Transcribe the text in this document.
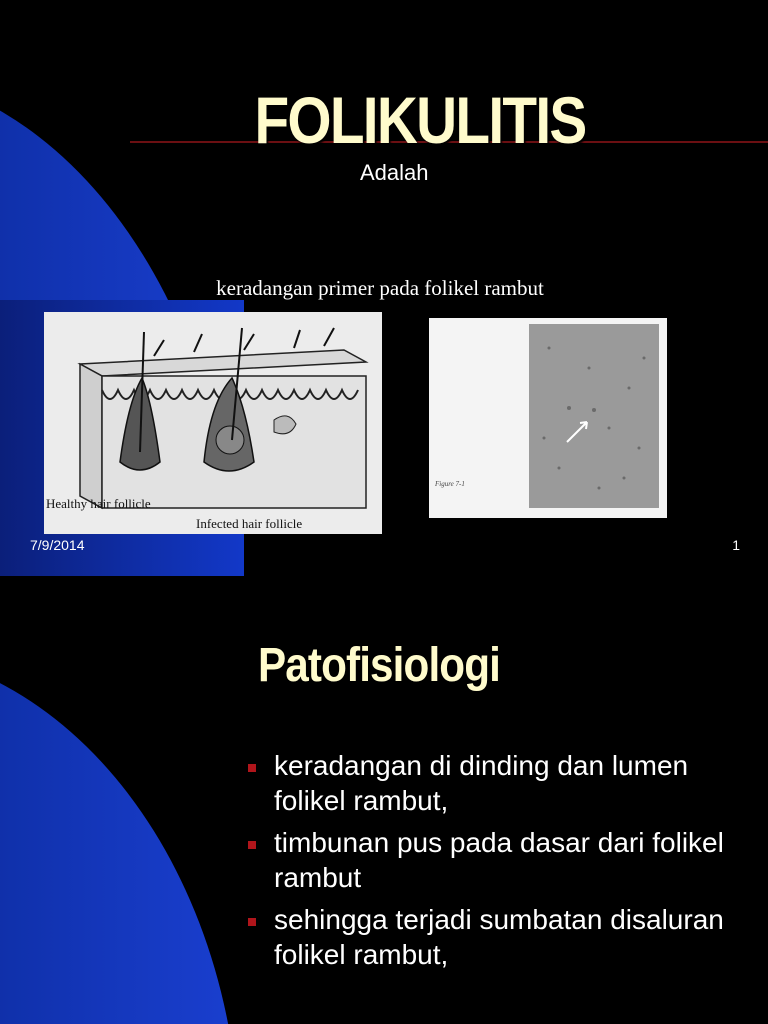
FOLIKULITIS
Adalah
keradangan primer pada folikel rambut
Healthy hair follicle
Infected hair follicle
Figure 7-1
7/9/2014	1
Patofisiologi
keradangan di dinding dan lumen folikel rambut,
timbunan pus pada dasar dari folikel rambut
sehingga terjadi sumbatan disaluran folikel rambut,
